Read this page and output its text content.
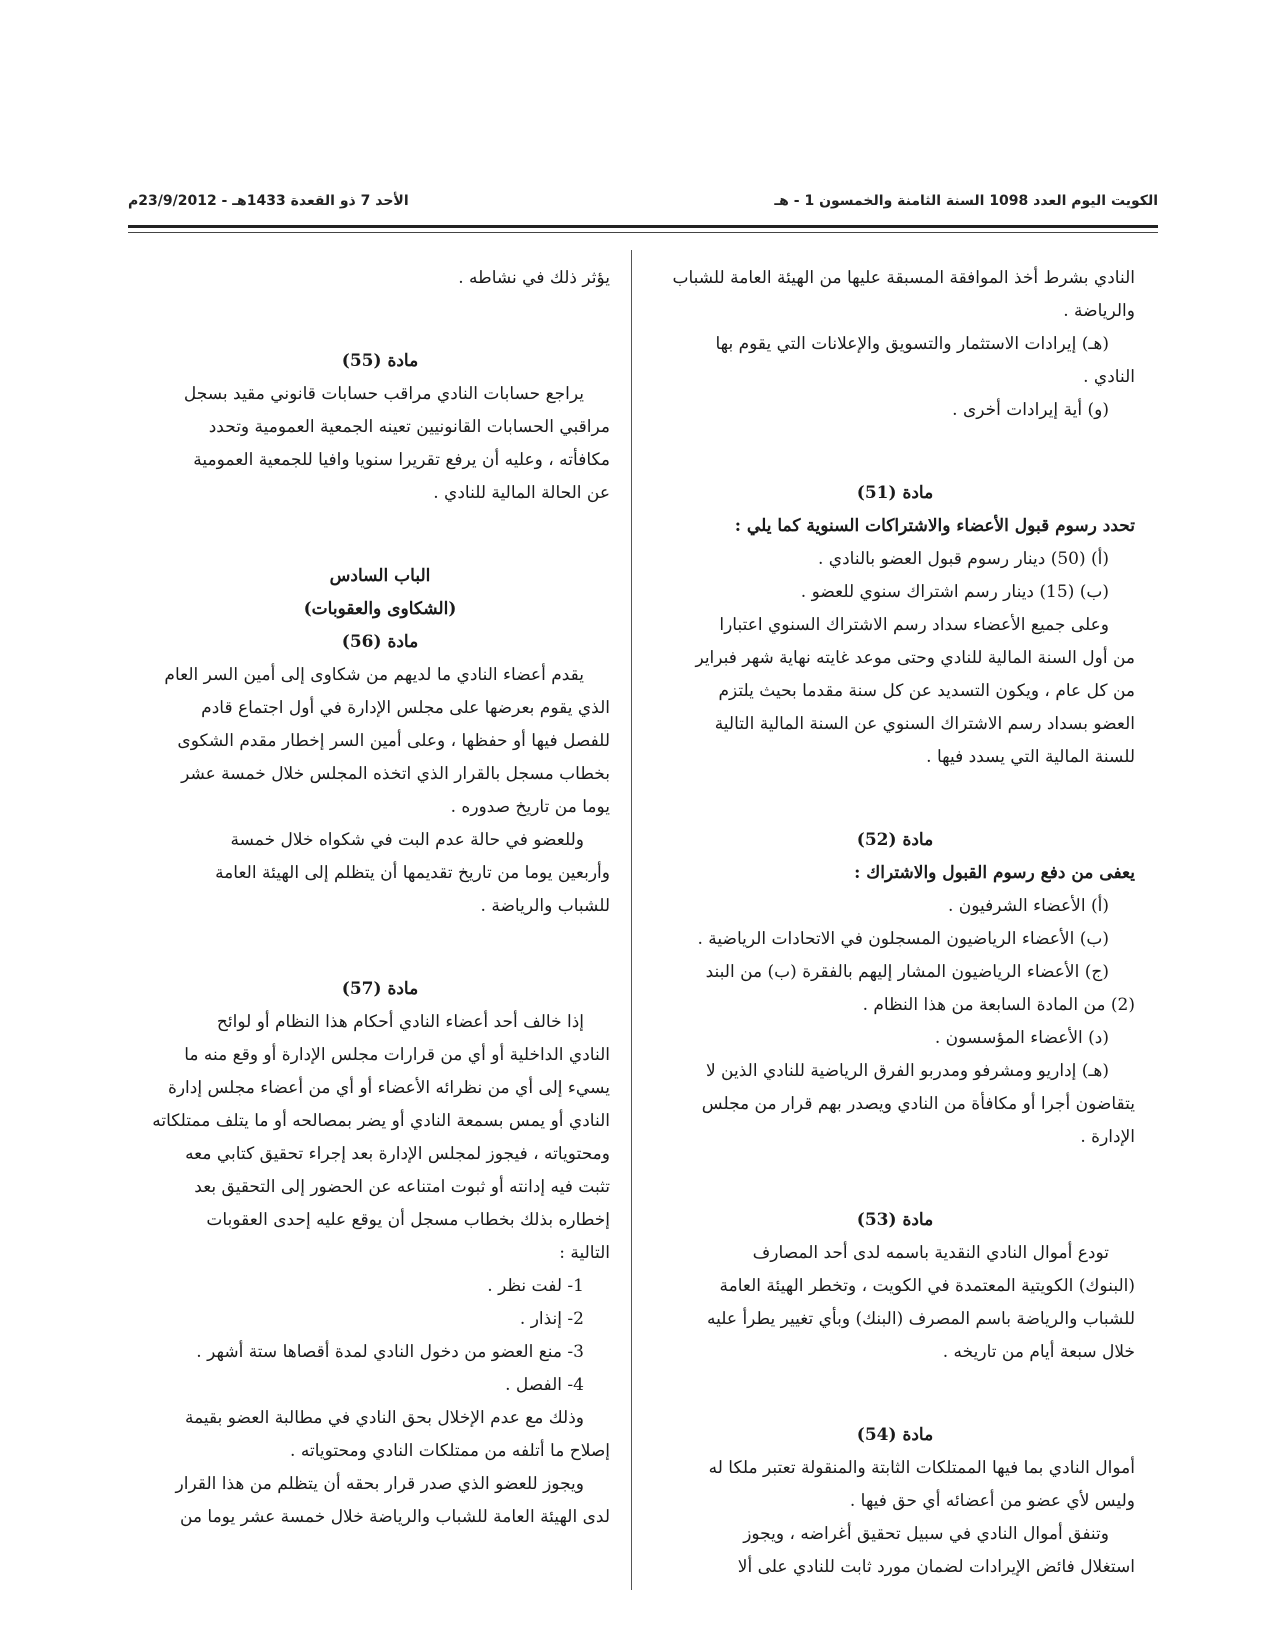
الكويت اليوم العدد 1098 السنة الثامنة والخمسون 1 - هـ
الأحد 7 ذو القعدة 1433هـ - 23/9/2012م

النادي بشرط أخذ الموافقة المسبقة عليها من الهيئة العامة للشباب

والرياضة .

(هـ) إيرادات الاستثمار والتسويق والإعلانات التي يقوم بها

النادي .

(و) أية إيرادات أخرى .

مادة (51)

تحدد رسوم قبول الأعضاء والاشتراكات السنوية كما يلي :

(أ) (50) دينار رسوم قبول العضو بالنادي .

(ب) (15) دينار رسم اشتراك سنوي للعضو .

وعلى جميع الأعضاء سداد رسم الاشتراك السنوي اعتبارا

من أول السنة المالية للنادي وحتى موعد غايته نهاية شهر فبراير

من كل عام ، ويكون التسديد عن كل سنة مقدما بحيث يلتزم

العضو بسداد رسم الاشتراك السنوي عن السنة المالية التالية

للسنة المالية التي يسدد فيها .

مادة (52)

يعفى من دفع رسوم القبول والاشتراك :

(أ) الأعضاء الشرفيون .

(ب) الأعضاء الرياضيون المسجلون في الاتحادات الرياضية .

(ج) الأعضاء الرياضيون المشار إليهم بالفقرة (ب) من البند

(2) من المادة السابعة من هذا النظام .

(د) الأعضاء المؤسسون .

(هـ) إداريو ومشرفو ومدربو الفرق الرياضية للنادي الذين لا

يتقاضون أجرا أو مكافأة من النادي ويصدر بهم قرار من مجلس

الإدارة .

مادة (53)

تودع أموال النادي النقدية باسمه لدى أحد المصارف

(البنوك) الكويتية المعتمدة في الكويت ، وتخطر الهيئة العامة

للشباب والرياضة باسم المصرف (البنك) وبأي تغيير يطرأ عليه

خلال سبعة أيام من تاريخه .

مادة (54)

أموال النادي بما فيها الممتلكات الثابتة والمنقولة تعتبر ملكا له

وليس لأي عضو من أعضائه أي حق فيها .

وتنفق أموال النادي في سبيل تحقيق أغراضه ، ويجوز

استغلال فائض الإيرادات لضمان مورد ثابت للنادي على ألا

يؤثر ذلك في نشاطه .

مادة (55)

يراجع حسابات النادي مراقب حسابات قانوني مقيد بسجل

مراقبي الحسابات القانونيين تعينه الجمعية العمومية وتحدد

مكافأته ، وعليه أن يرفع تقريرا سنويا وافيا للجمعية العمومية

عن الحالة المالية للنادي .

الباب السادس

(الشكاوى والعقوبات)

مادة (56)

يقدم أعضاء النادي ما لديهم من شكاوى إلى أمين السر العام

الذي يقوم بعرضها على مجلس الإدارة في أول اجتماع قادم

للفصل فيها أو حفظها ، وعلى أمين السر إخطار مقدم الشكوى

بخطاب مسجل بالقرار الذي اتخذه المجلس خلال خمسة عشر

يوما من تاريخ صدوره .

وللعضو في حالة عدم البت في شكواه خلال خمسة

وأربعين يوما من تاريخ تقديمها أن يتظلم إلى الهيئة العامة

للشباب والرياضة .

مادة (57)

إذا خالف أحد أعضاء النادي أحكام هذا النظام أو لوائح

النادي الداخلية أو أي من قرارات مجلس الإدارة أو وقع منه ما

يسيء إلى أي من نظرائه الأعضاء أو أي من أعضاء مجلس إدارة

النادي أو يمس بسمعة النادي أو يضر بمصالحه أو ما يتلف ممتلكاته

ومحتوياته ، فيجوز لمجلس الإدارة بعد إجراء تحقيق كتابي معه

تثبت فيه إدانته أو ثبوت امتناعه عن الحضور إلى التحقيق بعد

إخطاره بذلك بخطاب مسجل أن يوقع عليه إحدى العقوبات

التالية :

1- لفت نظر .

2- إنذار .

3- منع العضو من دخول النادي لمدة أقصاها ستة أشهر .

4- الفصل .

وذلك مع عدم الإخلال بحق النادي في مطالبة العضو بقيمة

إصلاح ما أتلفه من ممتلكات النادي ومحتوياته .

ويجوز للعضو الذي صدر قرار بحقه أن يتظلم من هذا القرار

لدى الهيئة العامة للشباب والرياضة خلال خمسة عشر يوما من
